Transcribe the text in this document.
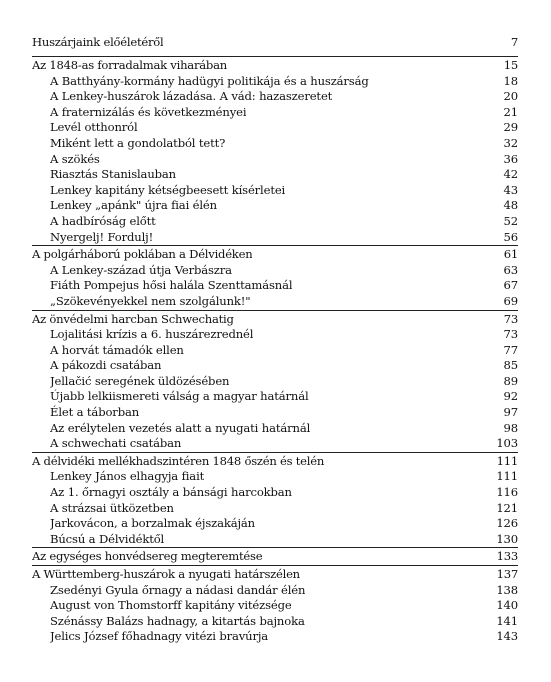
Huszárjaink előéletéről	7
Az 1848-as forradalmak viharában	15
A Batthyány-kormány hadügyi politikája és a huszárság	18
A Lenkey-huszárok lázadása. A vád: hazaszeretet	20
A fraternizálás és következményei	21
Levél otthonról	29
Miként lett a gondolatból tett?	32
A szökés	36
Riasztás Stanislauban	42
Lenkey kapitány kétségbeesett kísérletei	43
Lenkey „apánk" újra fiai élén	48
A hadbíróság előtt	52
Nyergelj! Fordulj!	56
A polgárháború poklában a Délvidéken	61
A Lenkey-század útja Verbászra	63
Fiáth Pompejus hősi halála Szenttamásnál	67
„Szökevényekkel nem szolgálunk!"	69
Az önvédelmi harcban Schwechatig	73
Lojalitási krízis a 6. huszárezrednél	73
A horvát támadók ellen	77
A pákozdi csatában	85
Jellačić seregének üldözésében	89
Újabb lelkiismereti válság a magyar határnál	92
Élet a táborban	97
Az erélytelen vezetés alatt a nyugati határnál	98
A schwechati csatában	103
A délvidéki mellékhadszintéren 1848 őszén és telén	111
Lenkey János elhagyja fiait	111
Az 1. őrnagyi osztály a bánsági harcokban	116
A strázsai ütközetben	121
Jarkovácon, a borzalmak éjszakáján	126
Búcsú a Délvidéktől	130
Az egységes honvédsereg megteremtése	133
A Württemberg-huszárok a nyugati határszélen	137
Zsedényi Gyula őrnagy a nádasi dandár élén	138
August von Thomstorff kapitány vitézsége	140
Szénássy Balázs hadnagy, a kitartás bajnoka	141
Jelics József főhadnagy vitézi bravúrja	143
